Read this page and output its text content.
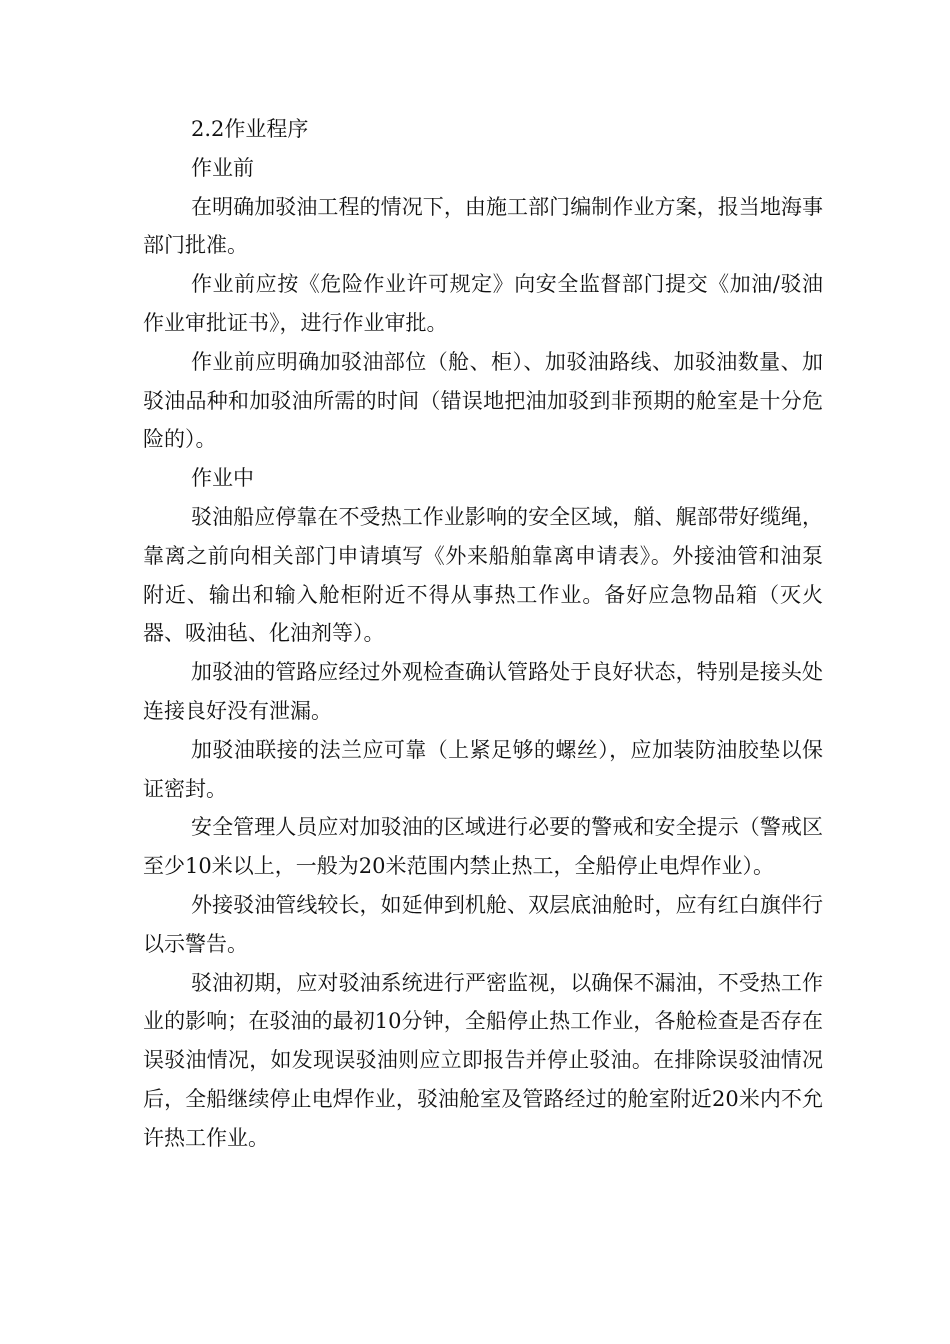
2.2作业程序

作业前

在明确加驳油工程的情况下，由施工部门编制作业方案，报当地海事部门批准。

作业前应按《危险作业许可规定》向安全监督部门提交《加油/驳油作业审批证书》，进行作业审批。

作业前应明确加驳油部位（舱、柜）、加驳油路线、加驳油数量、加驳油品种和加驳油所需的时间（错误地把油加驳到非预期的舱室是十分危险的）。

作业中

驳油船应停靠在不受热工作业影响的安全区域，艏、艉部带好缆绳，靠离之前向相关部门申请填写《外来船舶靠离申请表》。外接油管和油泵附近、输出和输入舱柜附近不得从事热工作业。备好应急物品箱（灭火器、吸油毡、化油剂等）。

加驳油的管路应经过外观检查确认管路处于良好状态，特别是接头处连接良好没有泄漏。

加驳油联接的法兰应可靠（上紧足够的螺丝），应加装防油胶垫以保证密封。

安全管理人员应对加驳油的区域进行必要的警戒和安全提示（警戒区至少10米以上，一般为20米范围内禁止热工，全船停止电焊作业）。

外接驳油管线较长，如延伸到机舱、双层底油舱时，应有红白旗伴行以示警告。

驳油初期，应对驳油系统进行严密监视，以确保不漏油，不受热工作业的影响；在驳油的最初10分钟，全船停止热工作业，各舱检查是否存在误驳油情况，如发现误驳油则应立即报告并停止驳油。在排除误驳油情况后，全船继续停止电焊作业，驳油舱室及管路经过的舱室附近20米内不允许热工作业。
